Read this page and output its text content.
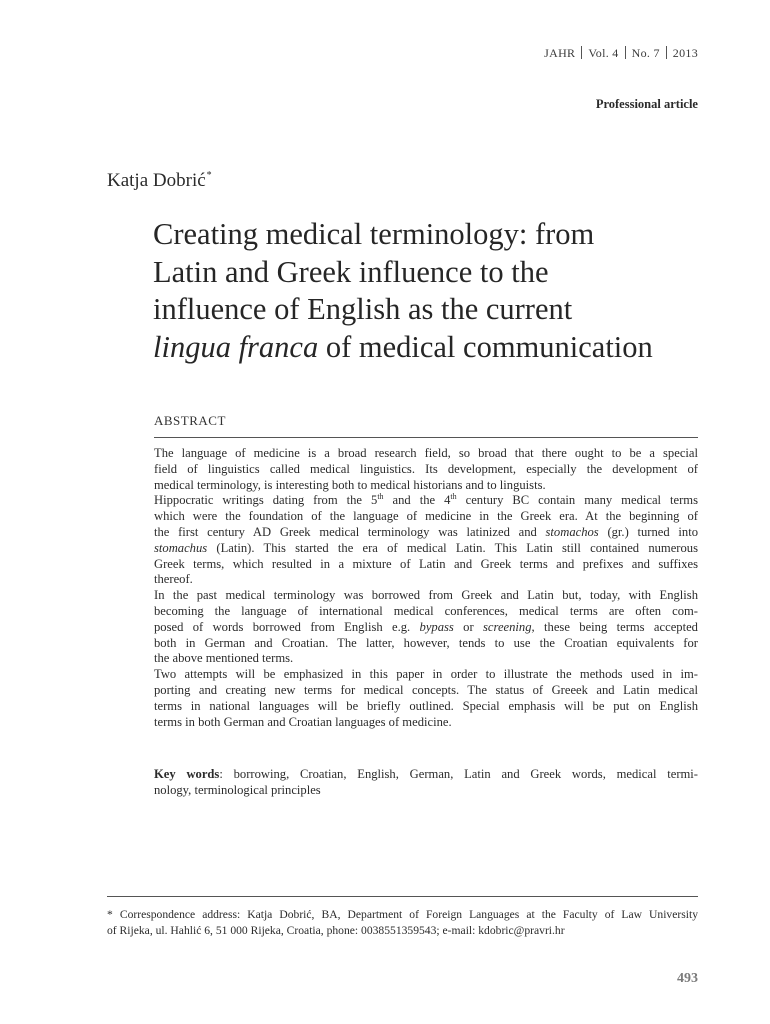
JAHR Vol. 4 No. 7 2013
Professional article
Katja Dobrić*
Creating medical terminology: from
Latin and Greek influence to the
influence of English as the current
lingua franca of medical communication
ABSTRACT
The language of medicine is a broad research field, so broad that there ought to be a special
field of linguistics called medical linguistics. Its development, especially the development of
medical terminology, is interesting both to medical historians and to linguists.
Hippocratic writings dating from the 5th and the 4th century BC contain many medical terms
which were the foundation of the language of medicine in the Greek era. At the beginning of
the first century AD Greek medical terminology was latinized and stomachos (gr.) turned into
stomachus (Latin). This started the era of medical Latin. This Latin still contained numerous
Greek terms, which resulted in a mixture of Latin and Greek terms and prefixes and suffixes
thereof.
In the past medical terminology was borrowed from Greek and Latin but, today, with English
becoming the language of international medical conferences, medical terms are often com-
posed of words borrowed from English e.g. bypass or screening, these being terms accepted
both in German and Croatian. The latter, however, tends to use the Croatian equivalents for
the above mentioned terms.
Two attempts will be emphasized in this paper in order to illustrate the methods used in im-
porting and creating new terms for medical concepts. The status of Greeek and Latin medical
terms in national languages will be briefly outlined. Special emphasis will be put on English
terms in both German and Croatian languages of medicine.
Key words: borrowing, Croatian, English, German, Latin and Greek words, medical termi-
nology, terminological principles
* Correspondence address: Katja Dobrić, BA, Department of Foreign Languages at the Faculty of Law University
of Rijeka, ul. Hahlić 6, 51 000 Rijeka, Croatia, phone: 0038551359543; e-mail: kdobric@pravri.hr
493
